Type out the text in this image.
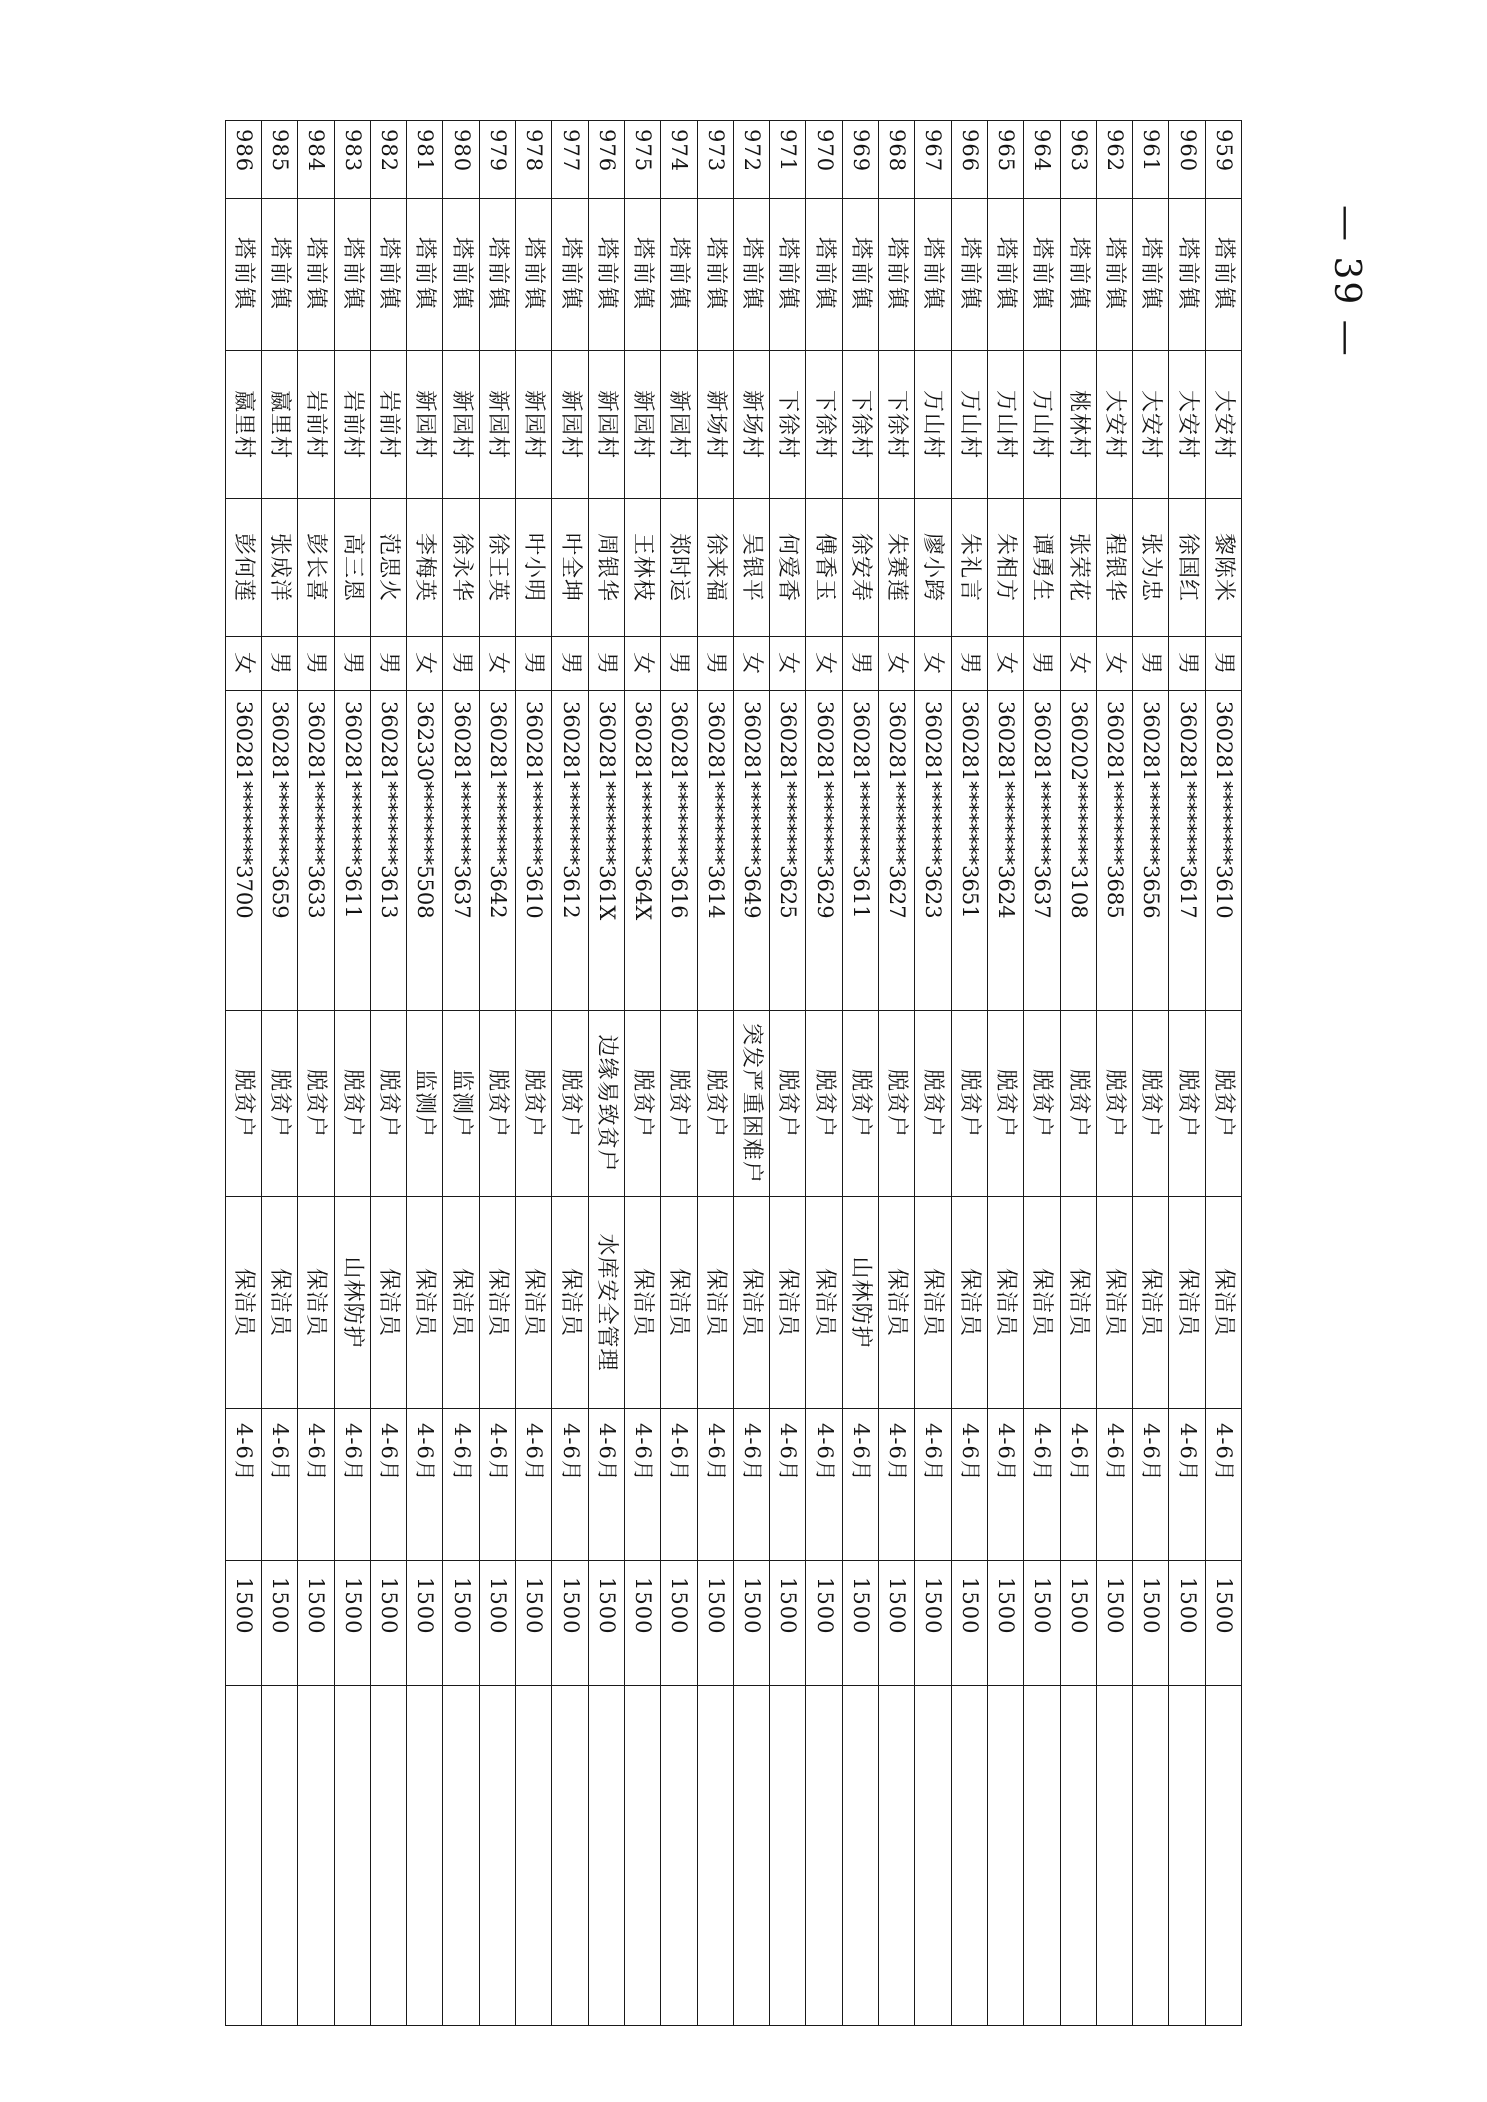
959	塔前镇	大安村	黎陈米	男	360281********3610	脱贫户	保洁员	4-6月	1500	
960	塔前镇	大安村	徐国红	男	360281********3617	脱贫户	保洁员	4-6月	1500	
961	塔前镇	大安村	张为忠	男	360281********3656	脱贫户	保洁员	4-6月	1500	
962	塔前镇	大安村	程银华	女	360281********3685	脱贫户	保洁员	4-6月	1500	
963	塔前镇	桃林村	张荣花	女	360202********3108	脱贫户	保洁员	4-6月	1500	
964	塔前镇	万山村	谭勇生	男	360281********3637	脱贫户	保洁员	4-6月	1500	
965	塔前镇	万山村	朱相方	女	360281********3624	脱贫户	保洁员	4-6月	1500	
966	塔前镇	万山村	朱礼言	男	360281********3651	脱贫户	保洁员	4-6月	1500	
967	塔前镇	万山村	廖小跨	女	360281********3623	脱贫户	保洁员	4-6月	1500	
968	塔前镇	下徐村	朱赛莲	女	360281********3627	脱贫户	保洁员	4-6月	1500	
969	塔前镇	下徐村	徐安寿	男	360281********3611	脱贫户	山林防护	4-6月	1500	
970	塔前镇	下徐村	傅香玉	女	360281********3629	脱贫户	保洁员	4-6月	1500	
971	塔前镇	下徐村	何爱香	女	360281********3625	脱贫户	保洁员	4-6月	1500	
972	塔前镇	新场村	吴银平	女	360281********3649	突发严重困难户	保洁员	4-6月	1500	
973	塔前镇	新场村	徐来福	男	360281********3614	脱贫户	保洁员	4-6月	1500	
974	塔前镇	新园村	郑时运	男	360281********3616	脱贫户	保洁员	4-6月	1500	
975	塔前镇	新园村	王林枝	女	360281********364X	脱贫户	保洁员	4-6月	1500	
976	塔前镇	新园村	周银华	男	360281********361X	边缘易致贫户	水库安全管理	4-6月	1500	
977	塔前镇	新园村	叶全坤	男	360281********3612	脱贫户	保洁员	4-6月	1500	
978	塔前镇	新园村	叶小明	男	360281********3610	脱贫户	保洁员	4-6月	1500	
979	塔前镇	新园村	徐王英	女	360281********3642	脱贫户	保洁员	4-6月	1500	
980	塔前镇	新园村	徐永华	男	360281********3637	监测户	保洁员	4-6月	1500	
981	塔前镇	新园村	李梅英	女	362330********5508	监测户	保洁员	4-6月	1500	
982	塔前镇	岩前村	范思火	男	360281********3613	脱贫户	保洁员	4-6月	1500	
983	塔前镇	岩前村	高三恩	男	360281********3611	脱贫户	山林防护	4-6月	1500	
984	塔前镇	岩前村	彭长喜	男	360281********3633	脱贫户	保洁员	4-6月	1500	
985	塔前镇	嬴里村	张成洋	男	360281********3659	脱贫户	保洁员	4-6月	1500	
986	塔前镇	嬴里村	彭何莲	女	360281********3700	脱贫户	保洁员	4-6月	1500	
— 39 —
